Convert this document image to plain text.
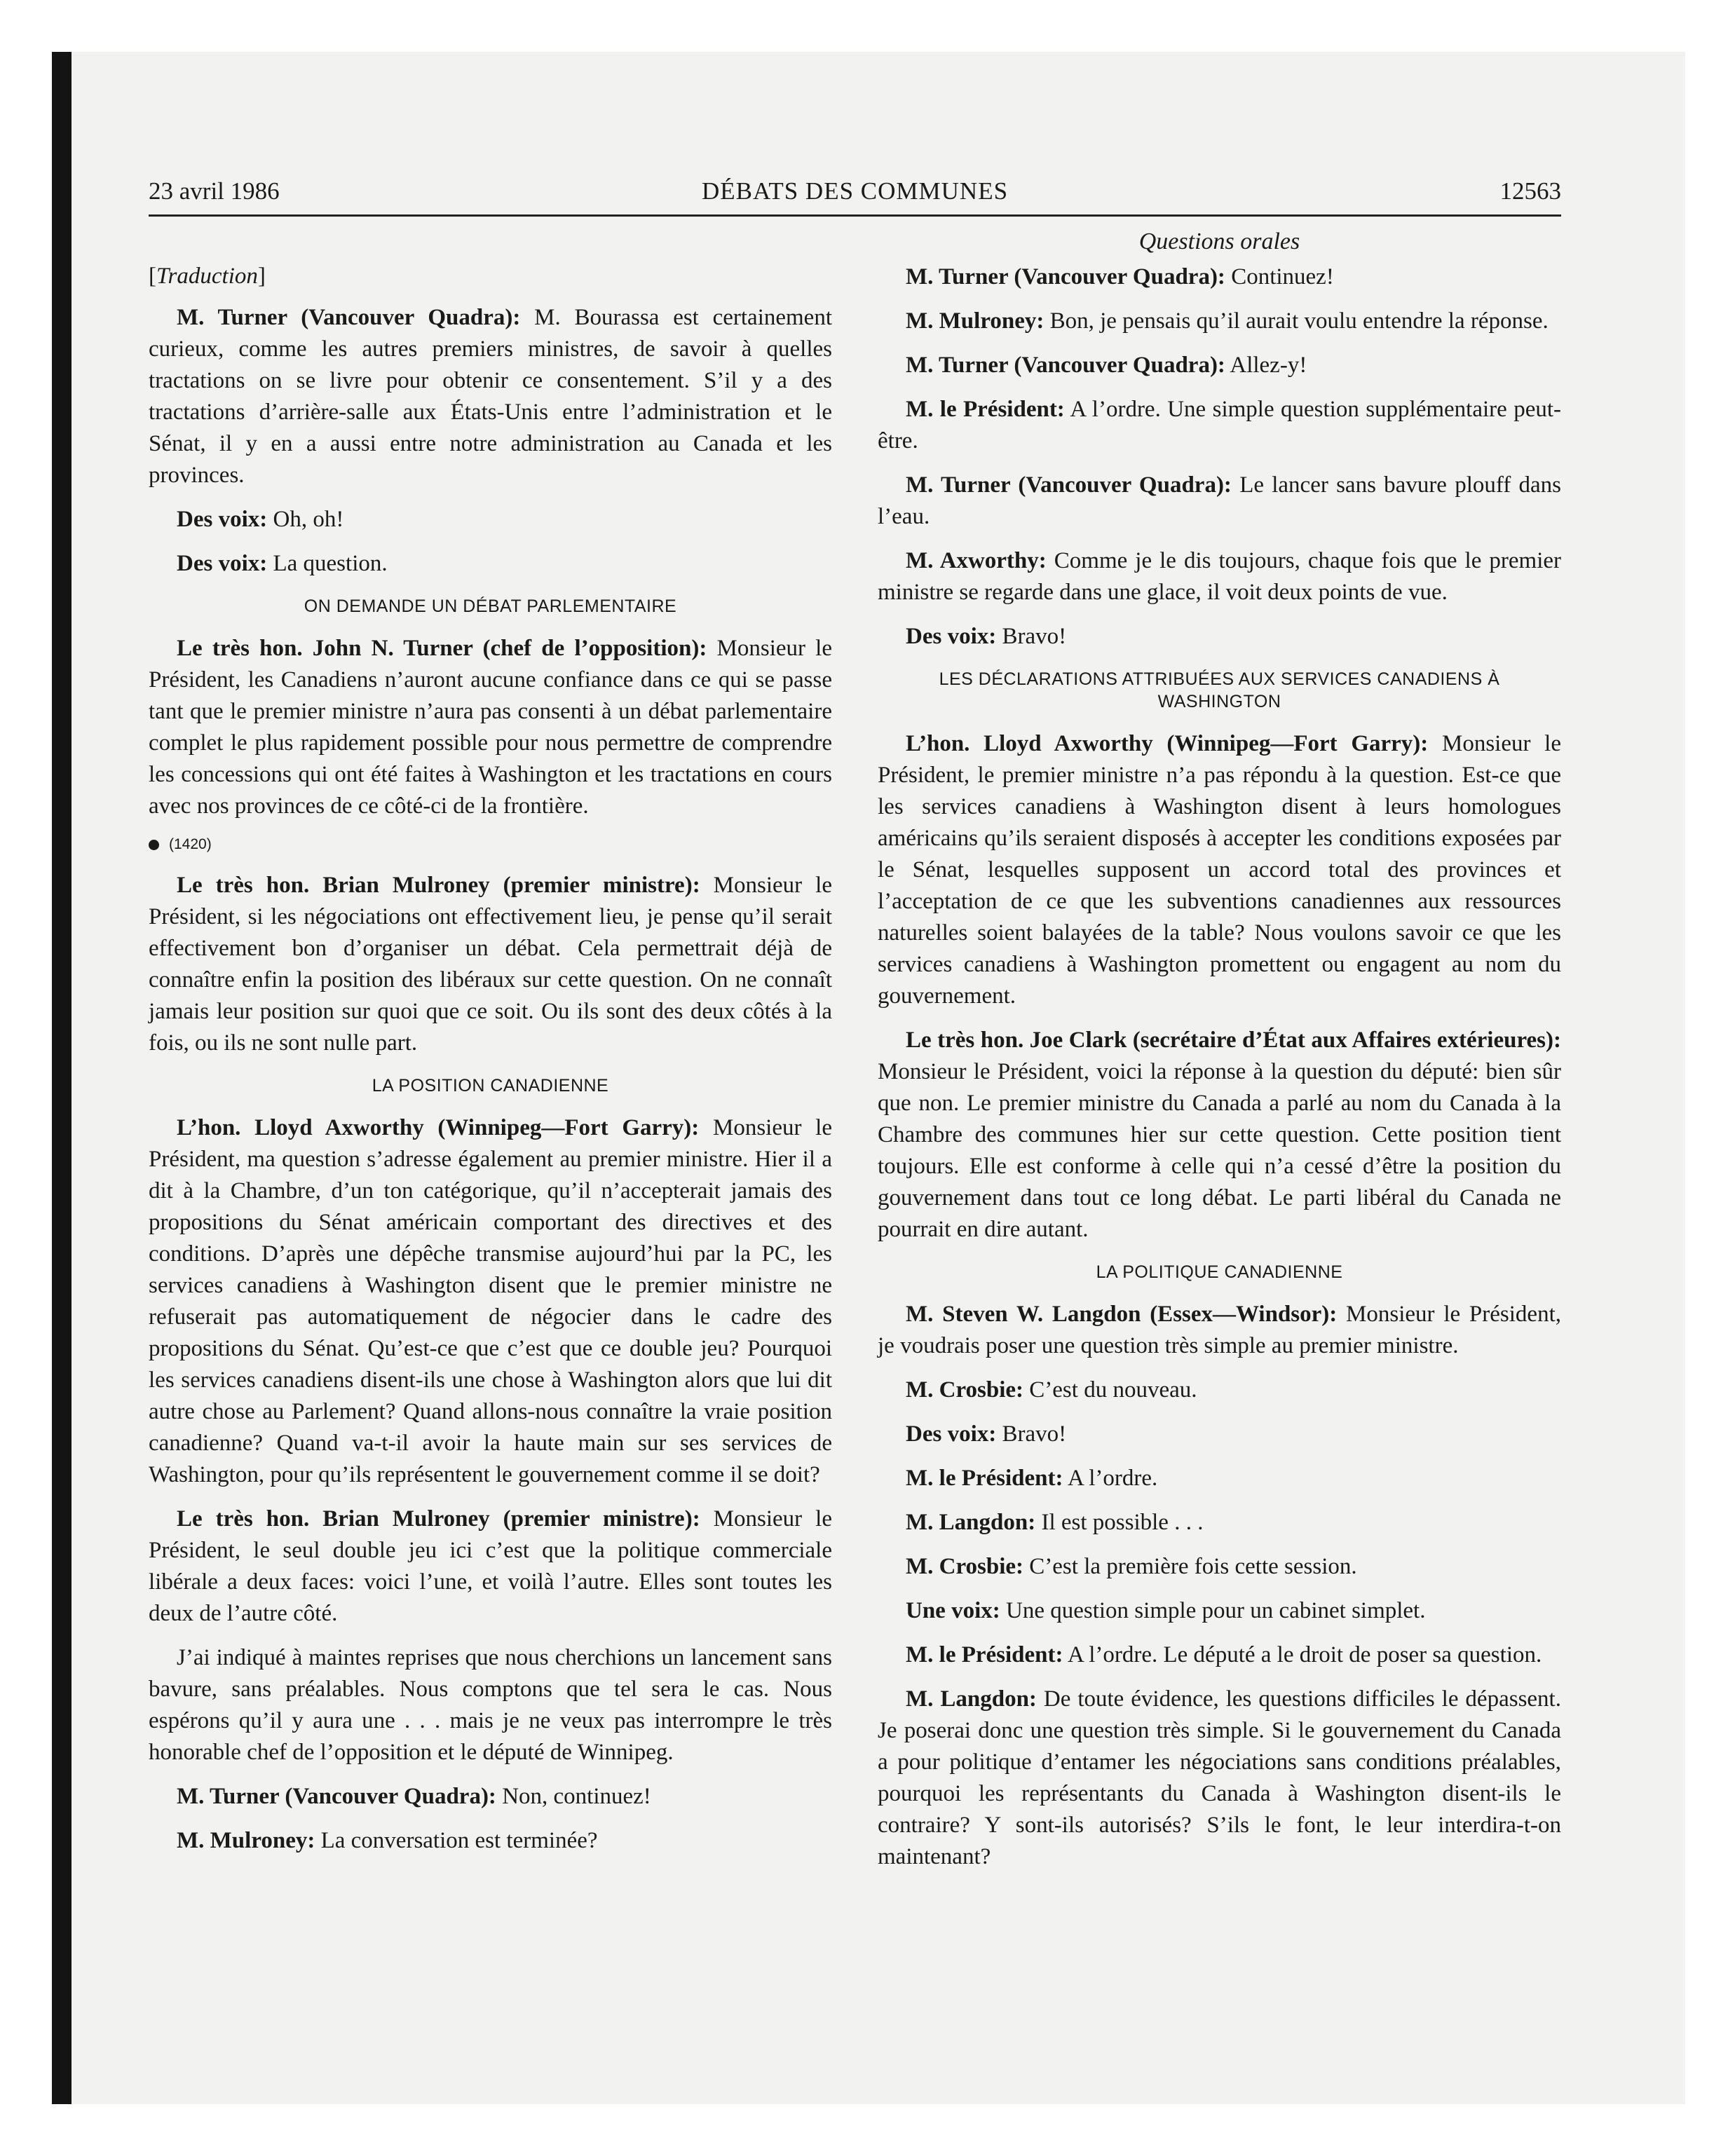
23 avril 1986	DÉBATS DES COMMUNES	12563
[Traduction]

M. Turner (Vancouver Quadra): M. Bourassa est certainement curieux, comme les autres premiers ministres, de savoir à quelles tractations on se livre pour obtenir ce consentement. S’il y a des tractations d’arrière-salle aux États-Unis entre l’administration et le Sénat, il y en a aussi entre notre administration au Canada et les provinces.

Des voix: Oh, oh!

Des voix: La question.

ON DEMANDE UN DÉBAT PARLEMENTAIRE

Le très hon. John N. Turner (chef de l’opposition): Monsieur le Président, les Canadiens n’auront aucune confiance dans ce qui se passe tant que le premier ministre n’aura pas consenti à un débat parlementaire complet le plus rapidement possible pour nous permettre de comprendre les concessions qui ont été faites à Washington et les tractations en cours avec nos provinces de ce côté-ci de la frontière.

(1420)

Le très hon. Brian Mulroney (premier ministre): Monsieur le Président, si les négociations ont effectivement lieu, je pense qu’il serait effectivement bon d’organiser un débat. Cela permettrait déjà de connaître enfin la position des libéraux sur cette question. On ne connaît jamais leur position sur quoi que ce soit. Ou ils sont des deux côtés à la fois, ou ils ne sont nulle part.

LA POSITION CANADIENNE

L’hon. Lloyd Axworthy (Winnipeg—Fort Garry): Monsieur le Président, ma question s’adresse également au premier ministre. Hier il a dit à la Chambre, d’un ton catégorique, qu’il n’accepterait jamais des propositions du Sénat américain comportant des directives et des conditions. D’après une dépêche transmise aujourd’hui par la PC, les services canadiens à Washington disent que le premier ministre ne refuserait pas automatiquement de négocier dans le cadre des propositions du Sénat. Qu’est-ce que c’est que ce double jeu? Pourquoi les services canadiens disent-ils une chose à Washington alors que lui dit autre chose au Parlement? Quand allons-nous connaître la vraie position canadienne? Quand va-t-il avoir la haute main sur ses services de Washington, pour qu’ils représentent le gouvernement comme il se doit?

Le très hon. Brian Mulroney (premier ministre): Monsieur le Président, le seul double jeu ici c’est que la politique commerciale libérale a deux faces: voici l’une, et voilà l’autre. Elles sont toutes les deux de l’autre côté.

J’ai indiqué à maintes reprises que nous cherchions un lancement sans bavure, sans préalables. Nous comptons que tel sera le cas. Nous espérons qu’il y aura une . . . mais je ne veux pas interrompre le très honorable chef de l’opposition et le député de Winnipeg.

M. Turner (Vancouver Quadra): Non, continuez!

M. Mulroney: La conversation est terminée?

Questions orales

M. Turner (Vancouver Quadra): Continuez!

M. Mulroney: Bon, je pensais qu’il aurait voulu entendre la réponse.

M. Turner (Vancouver Quadra): Allez-y!

M. le Président: A l’ordre. Une simple question supplémentaire peut-être.

M. Turner (Vancouver Quadra): Le lancer sans bavure plouff dans l’eau.

M. Axworthy: Comme je le dis toujours, chaque fois que le premier ministre se regarde dans une glace, il voit deux points de vue.

Des voix: Bravo!

LES DÉCLARATIONS ATTRIBUÉES AUX SERVICES CANADIENS À WASHINGTON

L’hon. Lloyd Axworthy (Winnipeg—Fort Garry): Monsieur le Président, le premier ministre n’a pas répondu à la question. Est-ce que les services canadiens à Washington disent à leurs homologues américains qu’ils seraient disposés à accepter les conditions exposées par le Sénat, lesquelles supposent un accord total des provinces et l’acceptation de ce que les subventions canadiennes aux ressources naturelles soient balayées de la table? Nous voulons savoir ce que les services canadiens à Washington promettent ou engagent au nom du gouvernement.

Le très hon. Joe Clark (secrétaire d’État aux Affaires extérieures): Monsieur le Président, voici la réponse à la question du député: bien sûr que non. Le premier ministre du Canada a parlé au nom du Canada à la Chambre des communes hier sur cette question. Cette position tient toujours. Elle est conforme à celle qui n’a cessé d’être la position du gouvernement dans tout ce long débat. Le parti libéral du Canada ne pourrait en dire autant.

LA POLITIQUE CANADIENNE

M. Steven W. Langdon (Essex—Windsor): Monsieur le Président, je voudrais poser une question très simple au premier ministre.

M. Crosbie: C’est du nouveau.

Des voix: Bravo!

M. le Président: A l’ordre.

M. Langdon: Il est possible . . .

M. Crosbie: C’est la première fois cette session.

Une voix: Une question simple pour un cabinet simplet.

M. le Président: A l’ordre. Le député a le droit de poser sa question.

M. Langdon: De toute évidence, les questions difficiles le dépassent. Je poserai donc une question très simple. Si le gouvernement du Canada a pour politique d’entamer les négociations sans conditions préalables, pourquoi les représentants du Canada à Washington disent-ils le contraire? Y sont-ils autorisés? S’ils le font, le leur interdira-t-on maintenant?
